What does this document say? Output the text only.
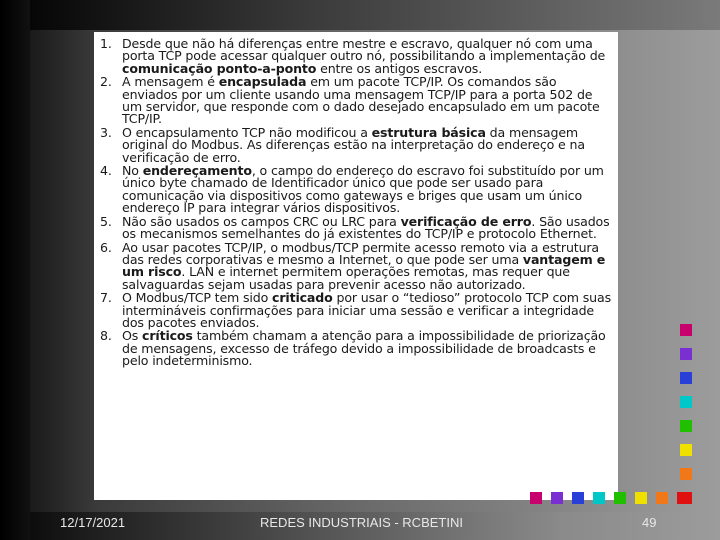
1. Desde que não há diferenças entre mestre e escravo, qualquer nó com uma porta TCP pode acessar qualquer outro nó, possibilitando a implementação de comunicação ponto-a-ponto entre os antigos escravos.
2. A mensagem é encapsulada em um pacote TCP/IP. Os comandos são enviados por um cliente usando uma mensagem TCP/IP para a porta 502 de um servidor, que responde com o dado desejado encapsulado em um pacote TCP/IP.
3. O encapsulamento TCP não modificou a estrutura básica da mensagem original do Modbus. As diferenças estão na interpretação do endereço e na verificação de erro.
4. No endereçamento, o campo do endereço do escravo foi substituído por um único byte chamado de Identificador único que pode ser usado para comunicação via dispositivos como gateways e briges que usam um único endereço IP para integrar vários dispositivos.
5. Não são usados os campos CRC ou LRC para verificação de erro. São usados os mecanismos semelhantes do já existentes do TCP/IP e protocolo Ethernet.
6. Ao usar pacotes TCP/IP, o modbus/TCP permite acesso remoto via a estrutura das redes corporativas e mesmo a Internet, o que pode ser uma vantagem e um risco. LAN e internet permitem operações remotas, mas requer que salvaguardas sejam usadas para prevenir acesso não autorizado.
7. O Modbus/TCP tem sido criticado por usar o “tedioso” protocolo TCP com suas intermináveis confirmações para iniciar uma sessão e verificar a integridade dos pacotes enviados.
8. Os críticos também chamam a atenção para a impossibilidade de priorização de mensagens, excesso de tráfego devido a impossibilidade de broadcasts e pelo indeterminismo.
12/17/2021	REDES INDUSTRIAIS - RCBETINI	49
